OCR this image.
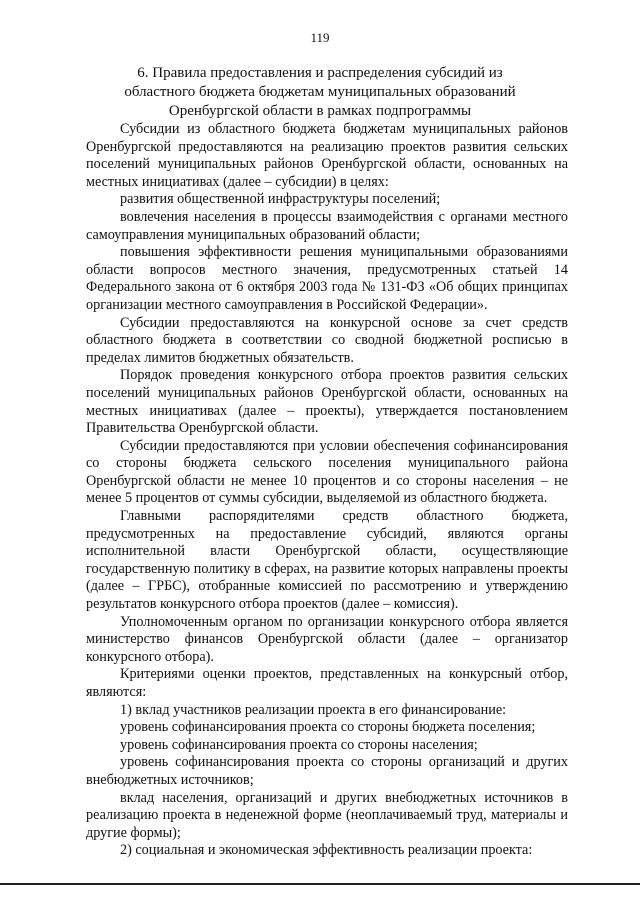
119

6. Правила предоставления и распределения субсидий из областного бюджета бюджетам муниципальных образований Оренбургской области в рамках подпрограммы

Субсидии из областного бюджета бюджетам муниципальных районов Оренбургской предоставляются на реализацию проектов развития сельских поселений муниципальных районов Оренбургской области, основанных на местных инициативах (далее – субсидии) в целях:

развития общественной инфраструктуры поселений;

вовлечения населения в процессы взаимодействия с органами местного самоуправления муниципальных образований области;

повышения эффективности решения муниципальными образованиями области вопросов местного значения, предусмотренных статьей 14 Федерального закона от 6 октября 2003 года № 131-ФЗ «Об общих принципах организации местного самоуправления в Российской Федерации».

Субсидии предоставляются на конкурсной основе за счет средств областного бюджета в соответствии со сводной бюджетной росписью в пределах лимитов бюджетных обязательств.

Порядок проведения конкурсного отбора проектов развития сельских поселений муниципальных районов Оренбургской области, основанных на местных инициативах (далее – проекты), утверждается постановлением Правительства Оренбургской области.

Субсидии предоставляются при условии обеспечения софинансирования со стороны бюджета сельского поселения муниципального района Оренбургской области не менее 10 процентов и со стороны населения – не менее 5 процентов от суммы субсидии, выделяемой из областного бюджета.

Главными распорядителями средств областного бюджета, предусмотренных на предоставление субсидий, являются органы исполнительной власти Оренбургской области, осуществляющие государственную политику в сферах, на развитие которых направлены проекты (далее – ГРБС), отобранные комиссией по рассмотрению и утверждению результатов конкурсного отбора проектов (далее – комиссия).

Уполномоченным органом по организации конкурсного отбора является министерство финансов Оренбургской области (далее – организатор конкурсного отбора).

Критериями оценки проектов, представленных на конкурсный отбор, являются:

1) вклад участников реализации проекта в его финансирование:

уровень софинансирования проекта со стороны бюджета поселения;

уровень софинансирования проекта со стороны населения;

уровень софинансирования проекта со стороны организаций и других внебюджетных источников;

вклад населения, организаций и других внебюджетных источников в реализацию проекта в неденежной форме (неоплачиваемый труд, материалы и другие формы);

2) социальная и экономическая эффективность реализации проекта:
